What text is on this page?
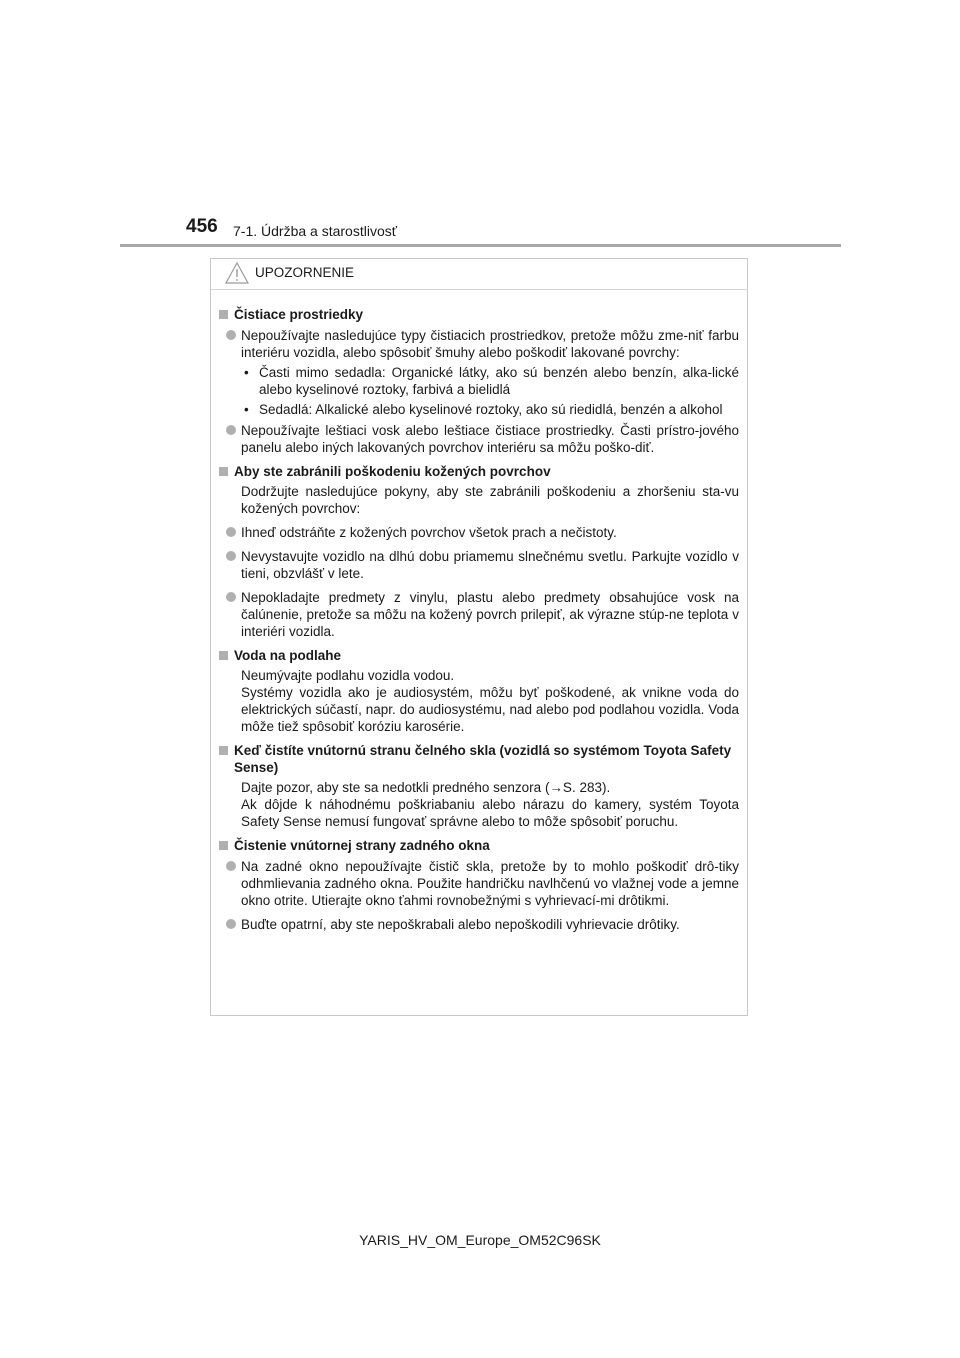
456 7-1. Údržba a starostlivosť
UPOZORNENIE
Čistiace prostriedky
Nepoužívajte nasledujúce typy čistiacich prostriedkov, pretože môžu zme-niť farbu interiéru vozidla, alebo spôsobiť šmuhy alebo poškodiť lakované povrchy:
• Časti mimo sedadla: Organické látky, ako sú benzén alebo benzín, alka-lické alebo kyselinové roztoky, farbivá a bielidlá
• Sedadlá: Alkalické alebo kyselinové roztoky, ako sú riedidlá, benzén a alkohol
Nepoužívajte leštiaci vosk alebo leštiace čistiace prostriedky. Časti prístro-jového panelu alebo iných lakovaných povrchov interiéru sa môžu poško-diť.
Aby ste zabránili poškodeniu kožených povrchov
Dodržujte nasledujúce pokyny, aby ste zabránili poškodeniu a zhoršeniu sta-vu kožených povrchov:
Ihneď odstráňte z kožených povrchov všetok prach a nečistoty.
Nevystavujte vozidlo na dlhú dobu priamemu slnečnému svetlu. Parkujte vozidlo v tieni, obzvlášť v lete.
Nepokladajte predmety z vinylu, plastu alebo predmety obsahujúce vosk na čalúnenie, pretože sa môžu na kožený povrch prilepiť, ak výrazne stúp-ne teplota v interiéri vozidla.
Voda na podlahe
Neumývajte podlahu vozidla vodou.
Systémy vozidla ako je audiosystém, môžu byť poškodené, ak vnikne voda do elektrických súčastí, napr. do audiosystému, nad alebo pod podlahou vozidla. Voda môže tiež spôsobiť koróziu karosérie.
Keď čistíte vnútornú stranu čelného skla (vozidlá so systémom Toyota Safety Sense)
Dajte pozor, aby ste sa nedotkli predného senzora (→S. 283).
Ak dôjde k náhodnému poškriabaniu alebo nárazu do kamery, systém Toyota Safety Sense nemusí fungovať správne alebo to môže spôsobiť poruchu.
Čistenie vnútornej strany zadného okna
Na zadné okno nepoužívajte čistič skla, pretože by to mohlo poškodiť drô-tiky odhmlievania zadného okna. Použite handričku navlhčenú vo vlažnej vode a jemne okno otrite. Utierajte okno ťahmi rovnobežnými s vyhrievací-mi drôtikmi.
Buďte opatrní, aby ste nepoškrabali alebo nepoškodili vyhrievacie drôtiky.
YARIS_HV_OM_Europe_OM52C96SK
